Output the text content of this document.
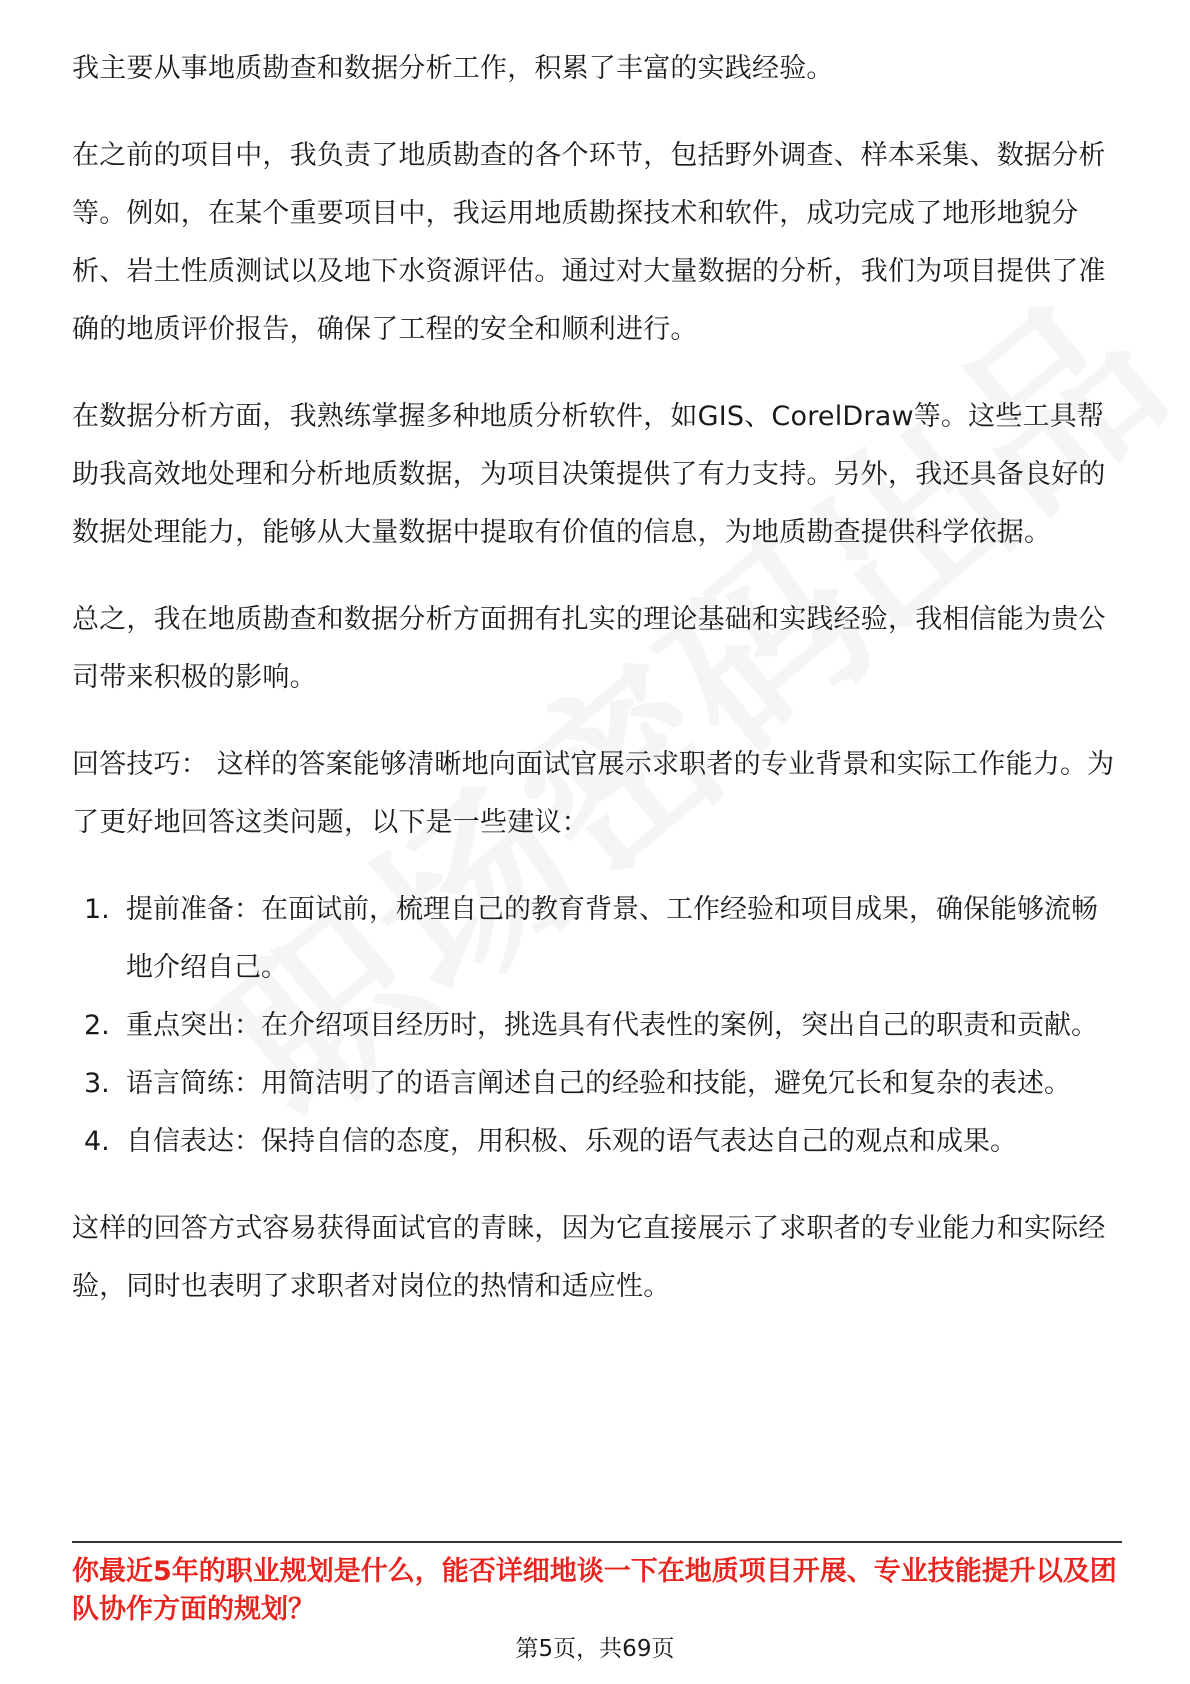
我主要从事地质勘查和数据分析工作，积累了丰富的实践经验。

在之前的项目中，我负责了地质勘查的各个环节，包括野外调查、样本采集、数据分析等。例如，在某个重要项目中，我运用地质勘探技术和软件，成功完成了地形地貌分析、岩土性质测试以及地下水资源评估。通过对大量数据的分析，我们为项目提供了准确的地质评价报告，确保了工程的安全和顺利进行。

在数据分析方面，我熟练掌握多种地质分析软件，如GIS、CorelDraw等。这些工具帮助我高效地处理和分析地质数据，为项目决策提供了有力支持。另外，我还具备良好的数据处理能力，能够从大量数据中提取有价值的信息，为地质勘查提供科学依据。

总之，我在地质勘查和数据分析方面拥有扎实的理论基础和实践经验，我相信能为贵公司带来积极的影响。

回答技巧： 这样的答案能够清晰地向面试官展示求职者的专业背景和实际工作能力。为了更好地回答这类问题，以下是一些建议：

1. 提前准备：在面试前，梳理自己的教育背景、工作经验和项目成果，确保能够流畅地介绍自己。
2. 重点突出：在介绍项目经历时，挑选具有代表性的案例，突出自己的职责和贡献。
3. 语言简练：用简洁明了的语言阐述自己的经验和技能，避免冗长和复杂的表述。
4. 自信表达：保持自信的态度，用积极、乐观的语气表达自己的观点和成果。

这样的回答方式容易获得面试官的青睐，因为它直接展示了求职者的专业能力和实际经验，同时也表明了求职者对岗位的热情和适应性。

你最近5年的职业规划是什么，能否详细地谈一下在地质项目开展、专业技能提升以及团队协作方面的规划？
第5页，共69页
